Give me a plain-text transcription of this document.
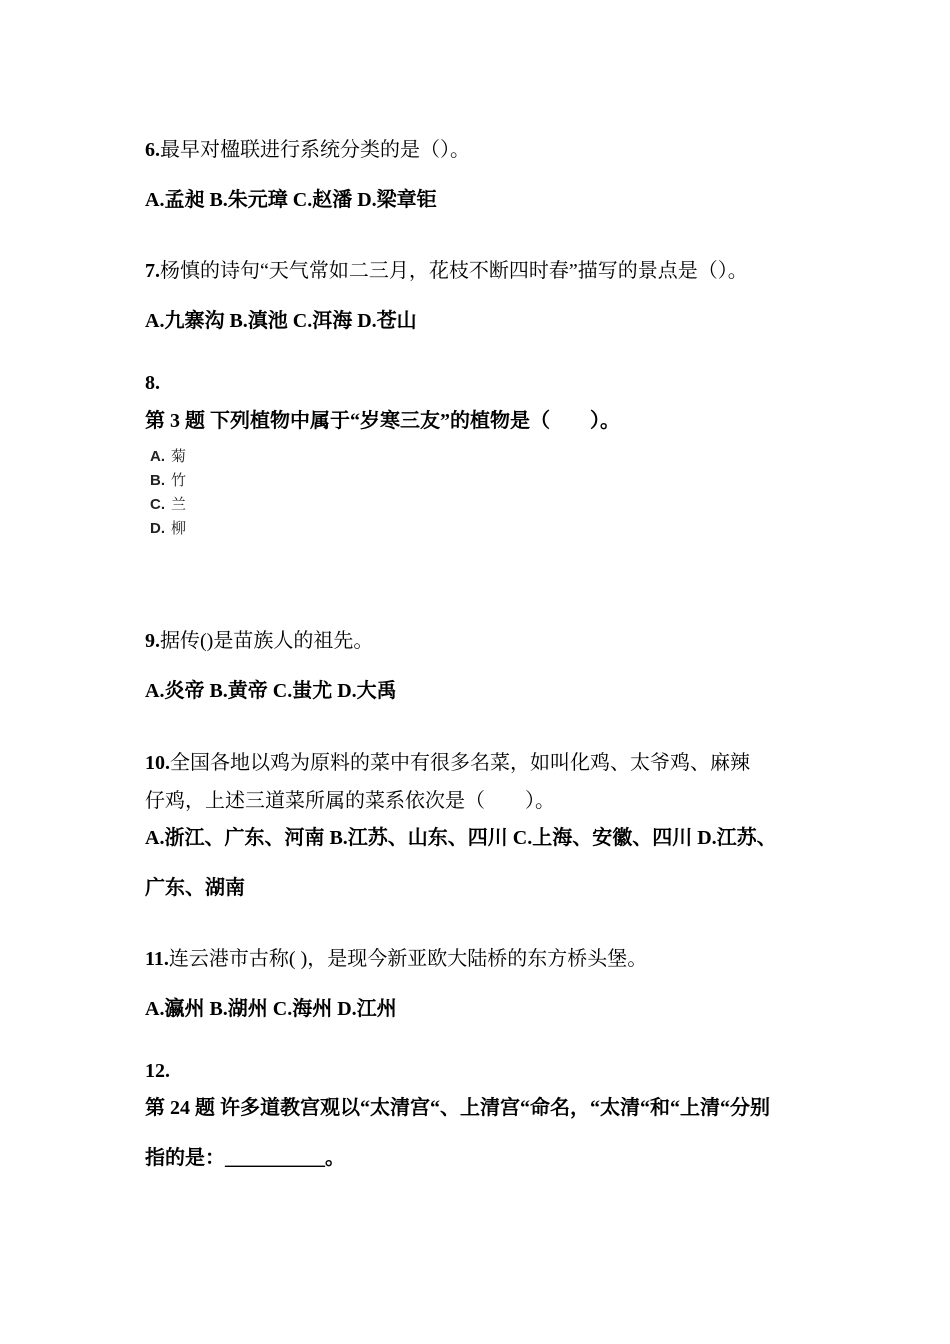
6.最早对楹联进行系统分类的是（）。
A.孟昶 B.朱元璋 C.赵潘 D.梁章钜
7.杨慎的诗句“天气常如二三月，花枝不断四时春”描写的景点是（）。
A.九寨沟 B.滇池 C.洱海 D.苍山
8.
第 3 题 下列植物中属于“岁寒三友”的植物是（　　）。
A. 菊
B. 竹
C. 兰
D. 柳
9.据传()是苗族人的祖先。
A.炎帝 B.黄帝 C.蚩尤 D.大禹
10.全国各地以鸡为原料的菜中有很多名菜，如叫化鸡、太爷鸡、麻辣
仔鸡，上述三道菜所属的菜系依次是（　　）。
A.浙江、广东、河南 B.江苏、山东、四川 C.上海、安徽、四川 D.江苏、
广东、湖南
11.连云港市古称( )，是现今新亚欧大陆桥的东方桥头堡。
A.瀛州 B.湖州 C.海州 D.江州
12.
第 24 题 许多道教宫观以“太清宫“、上清宫“命名，“太清“和“上清“分别
指的是：__________。
